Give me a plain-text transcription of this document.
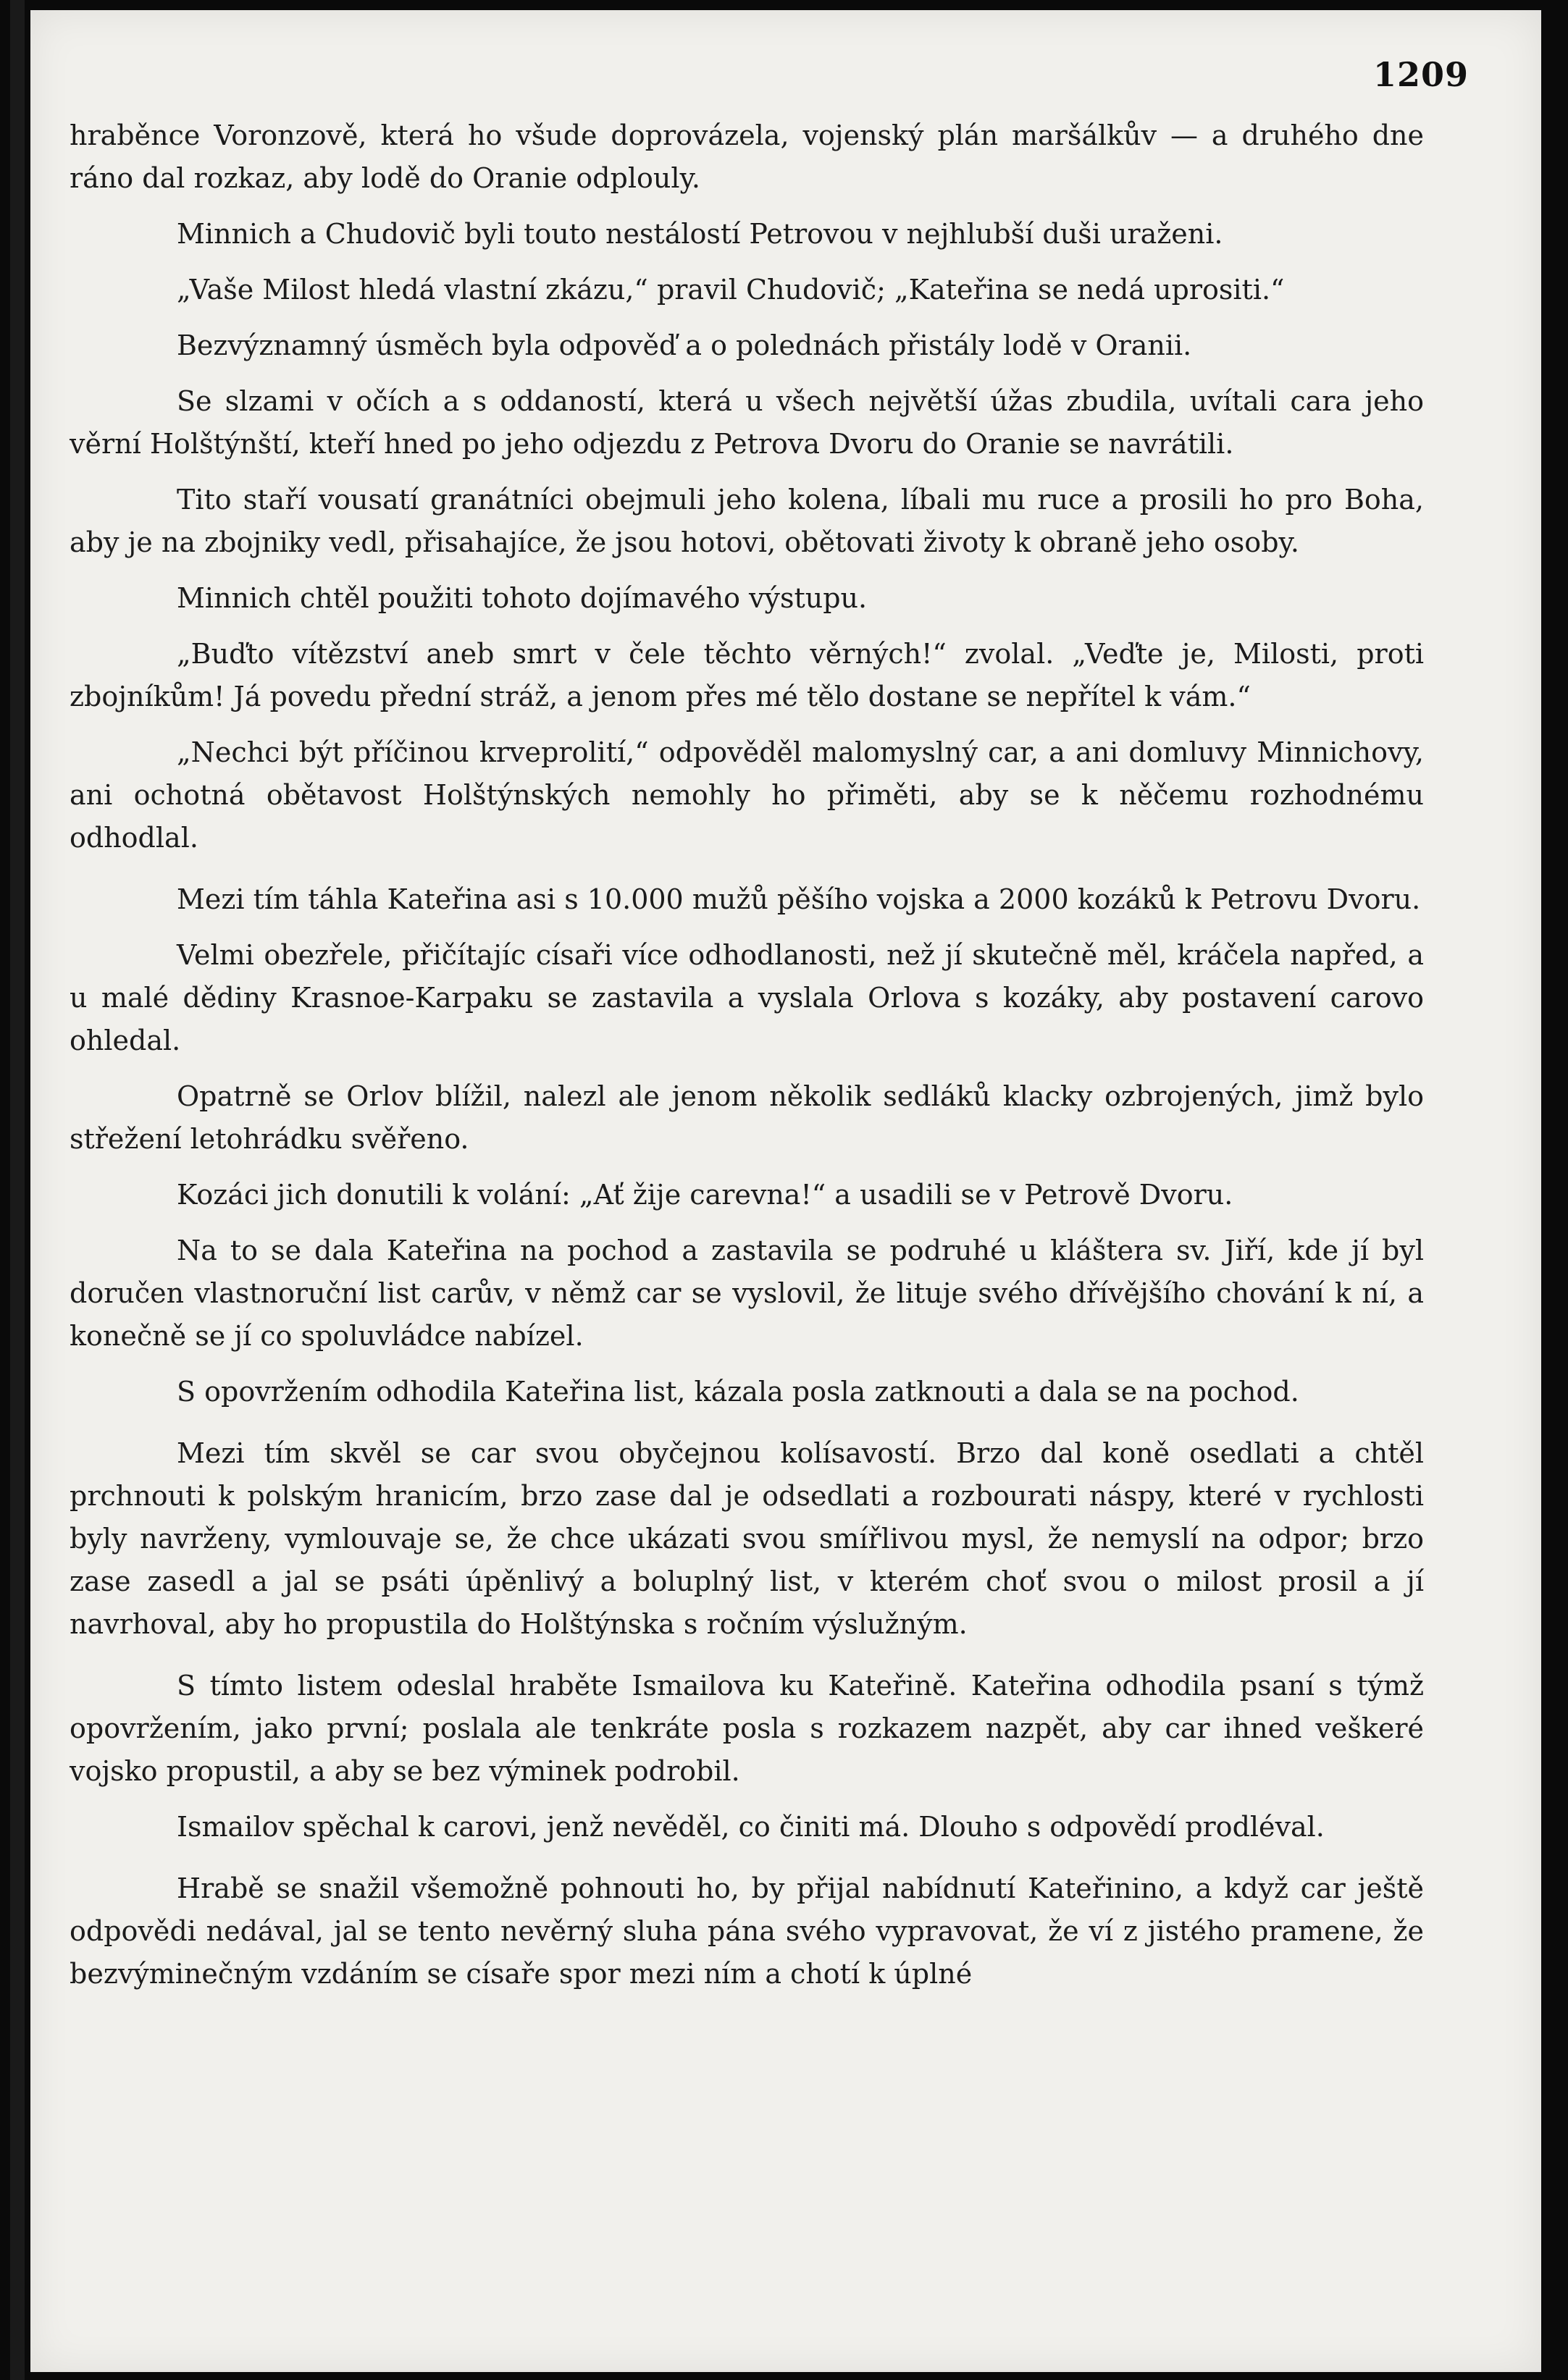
1209

hraběnce Voronzově, která ho všude doprovázela, vojenský plán maršálkův — a druhého dne ráno dal rozkaz, aby lodě do Oranie odplouly.

Minnich a Chudovič byli touto nestálostí Petrovou v nejhlubší duši uraženi.

„Vaše Milost hledá vlastní zkázu,“ pravil Chudovič; „Kateřina se nedá uprositi.“

Bezvýznamný úsměch byla odpověď a o polednách přistály lodě v Oranii.

Se slzami v očích a s oddaností, která u všech největší úžas zbudila, uvítali cara jeho věrní Holštýnští, kteří hned po jeho odjezdu z Petrova Dvoru do Oranie se navrátili.

Tito staří vousatí granátníci obejmuli jeho kolena, líbali mu ruce a prosili ho pro Boha, aby je na zbojniky vedl, přisahajíce, že jsou hotovi, obětovati životy k obraně jeho osoby.

Minnich chtěl použiti tohoto dojímavého výstupu.

„Buďto vítězství aneb smrt v čele těchto věrných!“ zvolal. „Veďte je, Milosti, proti zbojníkům! Já povedu přední stráž, a jenom přes mé tělo dostane se nepřítel k vám.“

„Nechci být příčinou krveprolití,“ odpověděl malomyslný car, a ani domluvy Minnichovy, ani ochotná obětavost Holštýnských nemohly ho přiměti, aby se k něčemu rozhodnému odhodlal.

Mezi tím táhla Kateřina asi s 10.000 mužů pěšího vojska a 2000 kozáků k Petrovu Dvoru.

Velmi obezřele, přičítajíc císaři více odhodlanosti, než jí skutečně měl, kráčela napřed, a u malé dědiny Krasnoe-Karpaku se zastavila a vyslala Orlova s kozáky, aby postavení carovo ohledal.

Opatrně se Orlov blížil, nalezl ale jenom několik sedláků klacky ozbrojených, jimž bylo střežení letohrádku svěřeno.

Kozáci jich donutili k volání: „Ať žije carevna!“ a usadili se v Petrově Dvoru.

Na to se dala Kateřina na pochod a zastavila se podruhé u kláštera sv. Jiří, kde jí byl doručen vlastnoruční list carův, v němž car se vyslovil, že lituje svého dřívějšího chování k ní, a konečně se jí co spoluvládce nabízel.

S opovržením odhodila Kateřina list, kázala posla zatknouti a dala se na pochod.

Mezi tím skvěl se car svou obyčejnou kolísavostí. Brzo dal koně osedlati a chtěl prchnouti k polským hranicím, brzo zase dal je odsedlati a rozbourati náspy, které v rychlosti byly navrženy, vymlouvaje se, že chce ukázati svou smířlivou mysl, že nemyslí na odpor; brzo zase zasedl a jal se psáti úpěnlivý a boluplný list, v kterém choť svou o milost prosil a jí navrhoval, aby ho propustila do Holštýnska s ročním výslužným.

S tímto listem odeslal hraběte Ismailova ku Kateřině. Kateřina odhodila psaní s týmž opovržením, jako první; poslala ale tenkráte posla s rozkazem nazpět, aby car ihned veškeré vojsko propustil, a aby se bez výminek podrobil.

Ismailov spěchal k carovi, jenž nevěděl, co činiti má. Dlouho s odpovědí prodléval.

Hrabě se snažil všemožně pohnouti ho, by přijal nabídnutí Kateřinino, a když car ještě odpovědi nedával, jal se tento nevěrný sluha pána svého vypravovat, že ví z jistého pramene, že bezvýminečným vzdáním se císaře spor mezi ním a chotí k úplné
